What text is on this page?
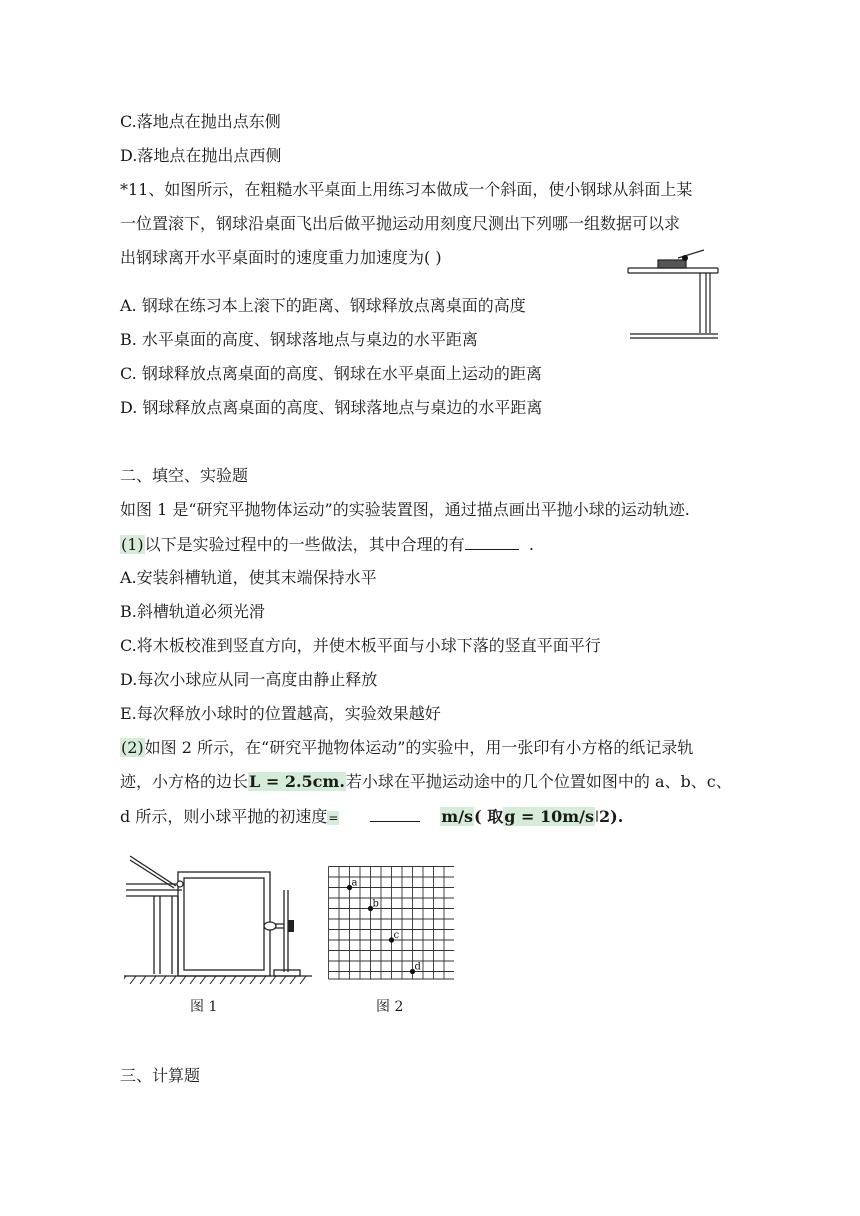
C.落地点在抛出点东侧
D.落地点在抛出点西侧
*11、如图所示，在粗糙水平桌面上用练习本做成一个斜面，使小钢球从斜面上某
一位置滚下，钢球沿桌面飞出后做平抛运动用刻度尺测出下列哪一组数据可以求
出钢球离开水平桌面时的速度重力加速度为( )
A. 钢球在练习本上滚下的距离、钢球释放点离桌面的高度
B. 水平桌面的高度、钢球落地点与桌边的水平距离
C. 钢球释放点离桌面的高度、钢球在水平桌面上运动的距离
D. 钢球释放点离桌面的高度、钢球落地点与桌边的水平距离
二、填空、实验题
如图 1 是“研究平抛物体运动”的实验装置图，通过描点画出平抛小球的运动轨迹.
(1)以下是实验过程中的一些做法，其中合理的有	.
A.安装斜槽轨道，使其末端保持水平
B.斜槽轨道必须光滑
C.将木板校准到竖直方向，并使木板平面与小球下落的竖直平面平行
D.每次小球应从同一高度由静止释放
E.每次释放小球时的位置越高，实验效果越好
(2)如图 2 所示，在“研究平抛物体运动”的实验中，用一张印有小方格的纸记录轨
迹，小方格的边长L = 2.5cm.若小球在平抛运动途中的几个位置如图中的 a、b、c、
d 所示，则小球平抛的初速度=	m/s( 取g = 10m/s|2).
图 1
a
b
c
d
图 2
三、计算题
